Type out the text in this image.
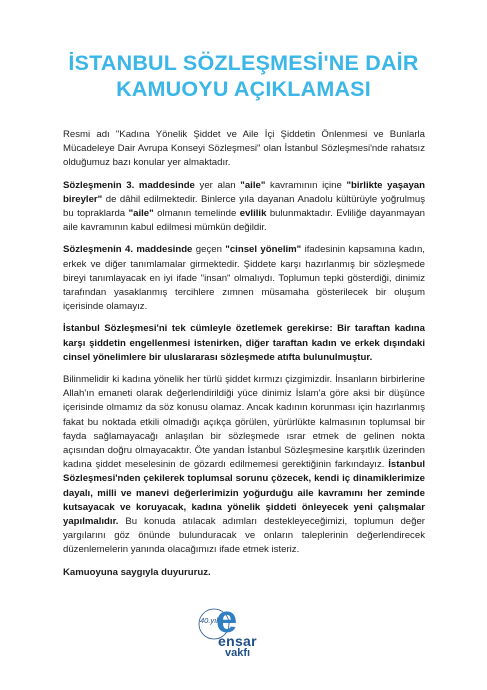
İSTANBUL SÖZLEŞMESİ'NE DAİR
KAMUOYU AÇIKLAMASI

Resmi adı "Kadına Yönelik Şiddet ve Aile İçi Şiddetin Önlenmesi ve Bunlarla Mücadeleye Dair Avrupa Konseyi Sözleşmesi" olan İstanbul Sözleşmesi'nde rahatsız olduğumuz bazı konular yer almaktadır.

Sözleşmenin 3. maddesinde yer alan "aile" kavramının içine "birlikte yaşayan bireyler" de dâhil edilmektedir. Binlerce yıla dayanan Anadolu kültürüyle yoğrulmuş bu topraklarda "aile" olmanın temelinde evlilik bulunmaktadır. Evliliğe dayanmayan aile kavramının kabul edilmesi mümkün değildir.

Sözleşmenin 4. maddesinde geçen "cinsel yönelim" ifadesinin kapsamına kadın, erkek ve diğer tanımlamalar girmektedir. Şiddete karşı hazırlanmış bir sözleşmede bireyi tanımlayacak en iyi ifade "insan" olmalıydı. Toplumun tepki gösterdiği, dinimiz tarafından yasaklanmış tercihlere zımnen müsamaha gösterilecek bir oluşum içerisinde olamayız.

İstanbul Sözleşmesi'ni tek cümleyle özetlemek gerekirse: Bir taraftan kadına karşı şiddetin engellenmesi istenirken, diğer taraftan kadın ve erkek dışındaki cinsel yönelimlere bir uluslararası sözleşmede atıfta bulunulmuştur.

Bilinmelidir ki kadına yönelik her türlü şiddet kırmızı çizgimizdir. İnsanların birbirlerine Allah'ın emaneti olarak değerlendirildiği yüce dinimiz İslam'a göre aksi bir düşünce içerisinde olmamız da söz konusu olamaz. Ancak kadının korunması için hazırlanmış fakat bu noktada etkili olmadığı açıkça görülen, yürürlükte kalmasının toplumsal bir fayda sağlamayacağı anlaşılan bir sözleşmede ısrar etmek de gelinen nokta açısından doğru olmayacaktır. Öte yandan İstanbul Sözleşmesine karşıtlık üzerinden kadına şiddet meselesinin de gözardı edilmemesi gerektiğinin farkındayız. İstanbul Sözleşmesi'nden çekilerek toplumsal sorunu çözecek, kendi iç dinamiklerimize dayalı, milli ve manevi değerlerimizin yoğurduğu aile kavramını her zeminde kutsayacak ve koruyacak, kadına yönelik şiddeti önleyecek yeni çalışmalar yapılmalıdır. Bu konuda atılacak adımları destekleyeceğimizi, toplumun değer yargılarını göz önünde bulunduracak ve onların taleplerinin değerlendirecek düzenlemelerin yanında olacağımızı ifade etmek isteriz.

Kamuoyuna saygıyla duyururuz.

40.yıl
e
ensar
vakfı
